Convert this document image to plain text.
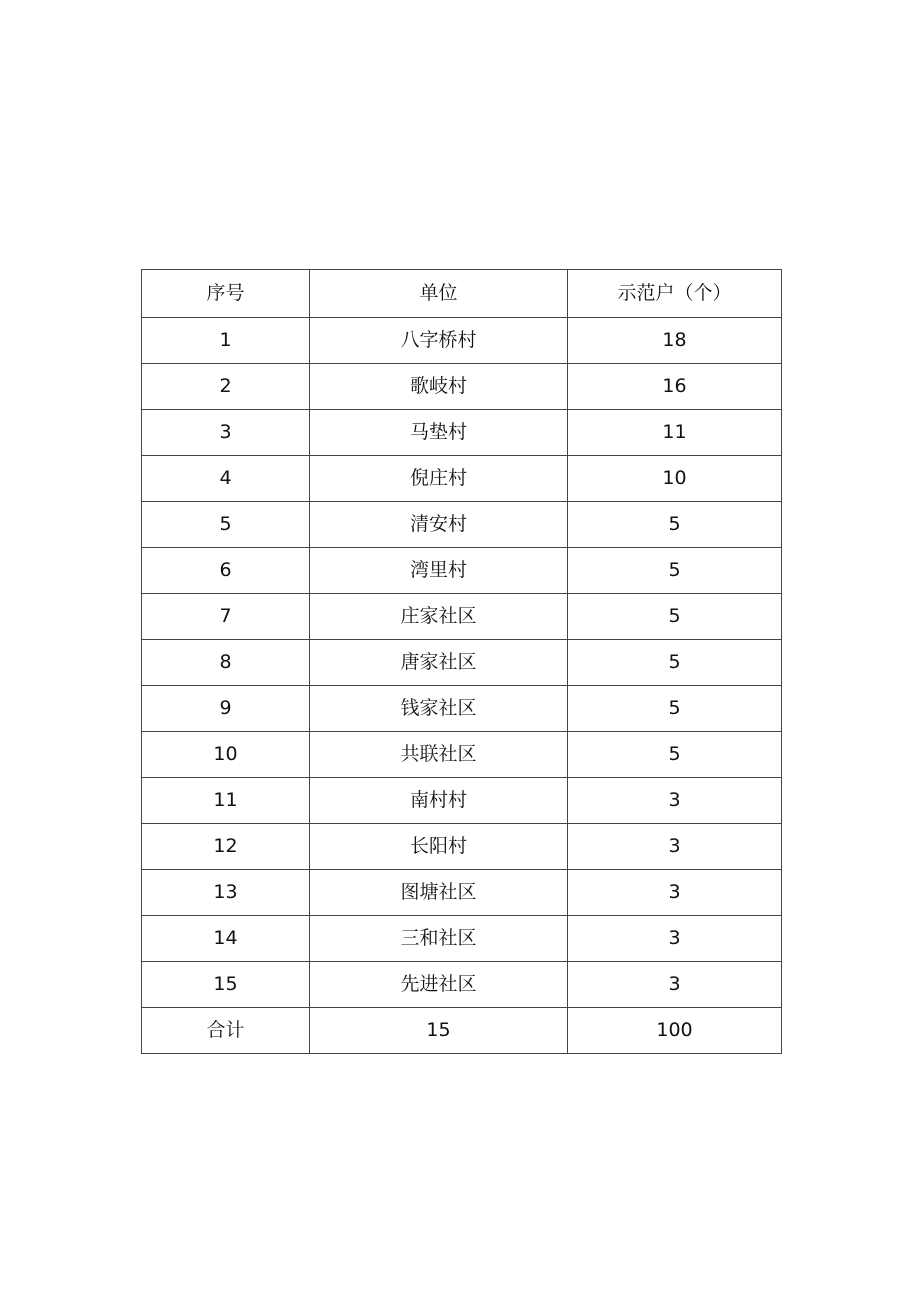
序号	单位	示范户（个）
1	八字桥村	18
2	歌岐村	16
3	马垫村	11
4	倪庄村	10
5	清安村	5
6	湾里村	5
7	庄家社区	5
8	唐家社区	5
9	钱家社区	5
10	共联社区	5
11	南村村	3
12	长阳村	3
13	图塘社区	3
14	三和社区	3
15	先进社区	3
合计	15	100
